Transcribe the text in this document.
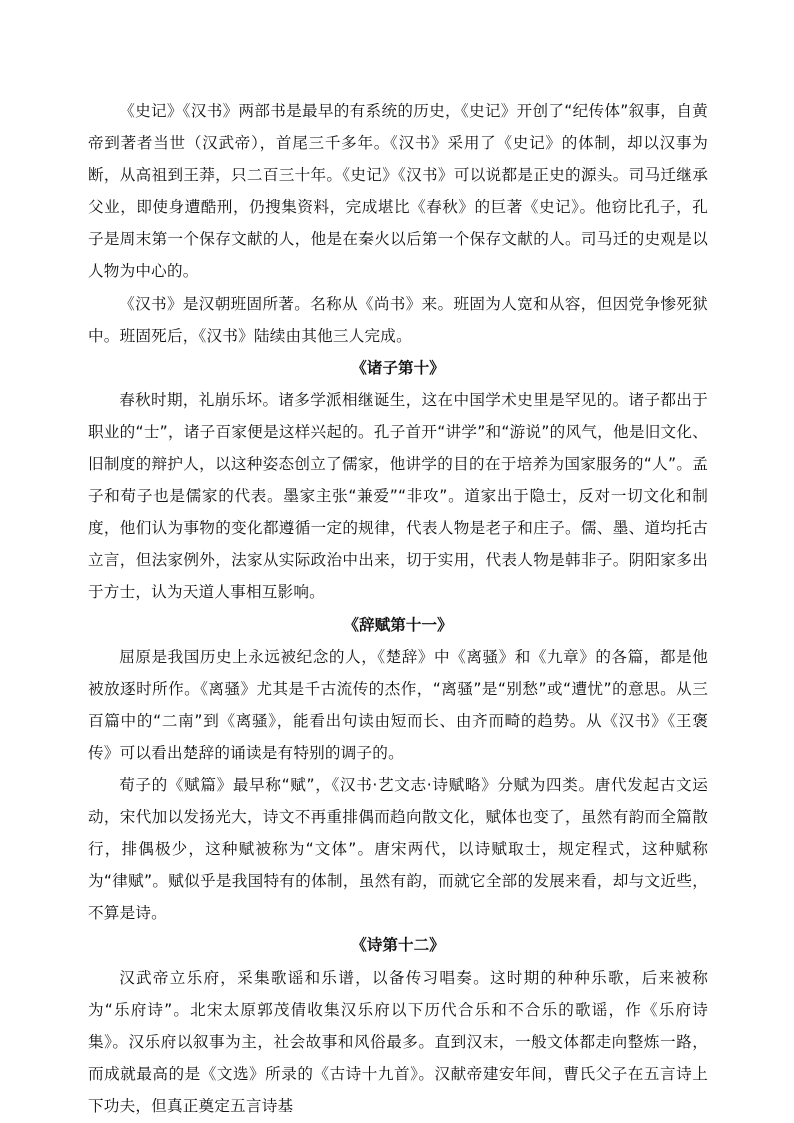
《史记》《汉书》两部书是最早的有系统的历史，《史记》开创了“纪传体”叙事，自黄帝到著者当世（汉武帝），首尾三千多年。《汉书》采用了《史记》的体制，却以汉事为断，从高祖到王莽，只二百三十年。《史记》《汉书》可以说都是正史的源头。司马迁继承父业，即使身遭酷刑，仍搜集资料，完成堪比《春秋》的巨著《史记》。他窃比孔子，孔子是周末第一个保存文献的人，他是在秦火以后第一个保存文献的人。司马迁的史观是以人物为中心的。

《汉书》是汉朝班固所著。名称从《尚书》来。班固为人宽和从容，但因党争惨死狱中。班固死后，《汉书》陆续由其他三人完成。

《诸子第十》

春秋时期，礼崩乐坏。诸多学派相继诞生，这在中国学术史里是罕见的。诸子都出于职业的“士”，诸子百家便是这样兴起的。孔子首开“讲学”和“游说”的风气，他是旧文化、旧制度的辩护人，以这种姿态创立了儒家，他讲学的目的在于培养为国家服务的“人”。孟子和荀子也是儒家的代表。墨家主张“兼爱”“非攻”。道家出于隐士，反对一切文化和制度，他们认为事物的变化都遵循一定的规律，代表人物是老子和庄子。儒、墨、道均托古立言，但法家例外，法家从实际政治中出来，切于实用，代表人物是韩非子。阴阳家多出于方士，认为天道人事相互影响。

《辞赋第十一》

屈原是我国历史上永远被纪念的人，《楚辞》中《离骚》和《九章》的各篇，都是他被放逐时所作。《离骚》尤其是千古流传的杰作，“离骚”是“别愁”或“遭忧”的意思。从三百篇中的“二南”到《离骚》，能看出句读由短而长、由齐而畸的趋势。从《汉书》《王褒传》可以看出楚辞的诵读是有特别的调子的。

荀子的《赋篇》最早称“赋”，《汉书·艺文志·诗赋略》分赋为四类。唐代发起古文运动，宋代加以发扬光大，诗文不再重排偶而趋向散文化，赋体也变了，虽然有韵而全篇散行，排偶极少，这种赋被称为“文体”。唐宋两代，以诗赋取士，规定程式，这种赋称为“律赋”。赋似乎是我国特有的体制，虽然有韵，而就它全部的发展来看，却与文近些，不算是诗。

《诗第十二》

汉武帝立乐府，采集歌谣和乐谱，以备传习唱奏。这时期的种种乐歌，后来被称为“乐府诗”。北宋太原郭茂倩收集汉乐府以下历代合乐和不合乐的歌谣，作《乐府诗集》。汉乐府以叙事为主，社会故事和风俗最多。直到汉末，一般文体都走向整炼一路，而成就最高的是《文选》所录的《古诗十九首》。汉献帝建安年间，曹氏父子在五言诗上下功夫，但真正奠定五言诗基
